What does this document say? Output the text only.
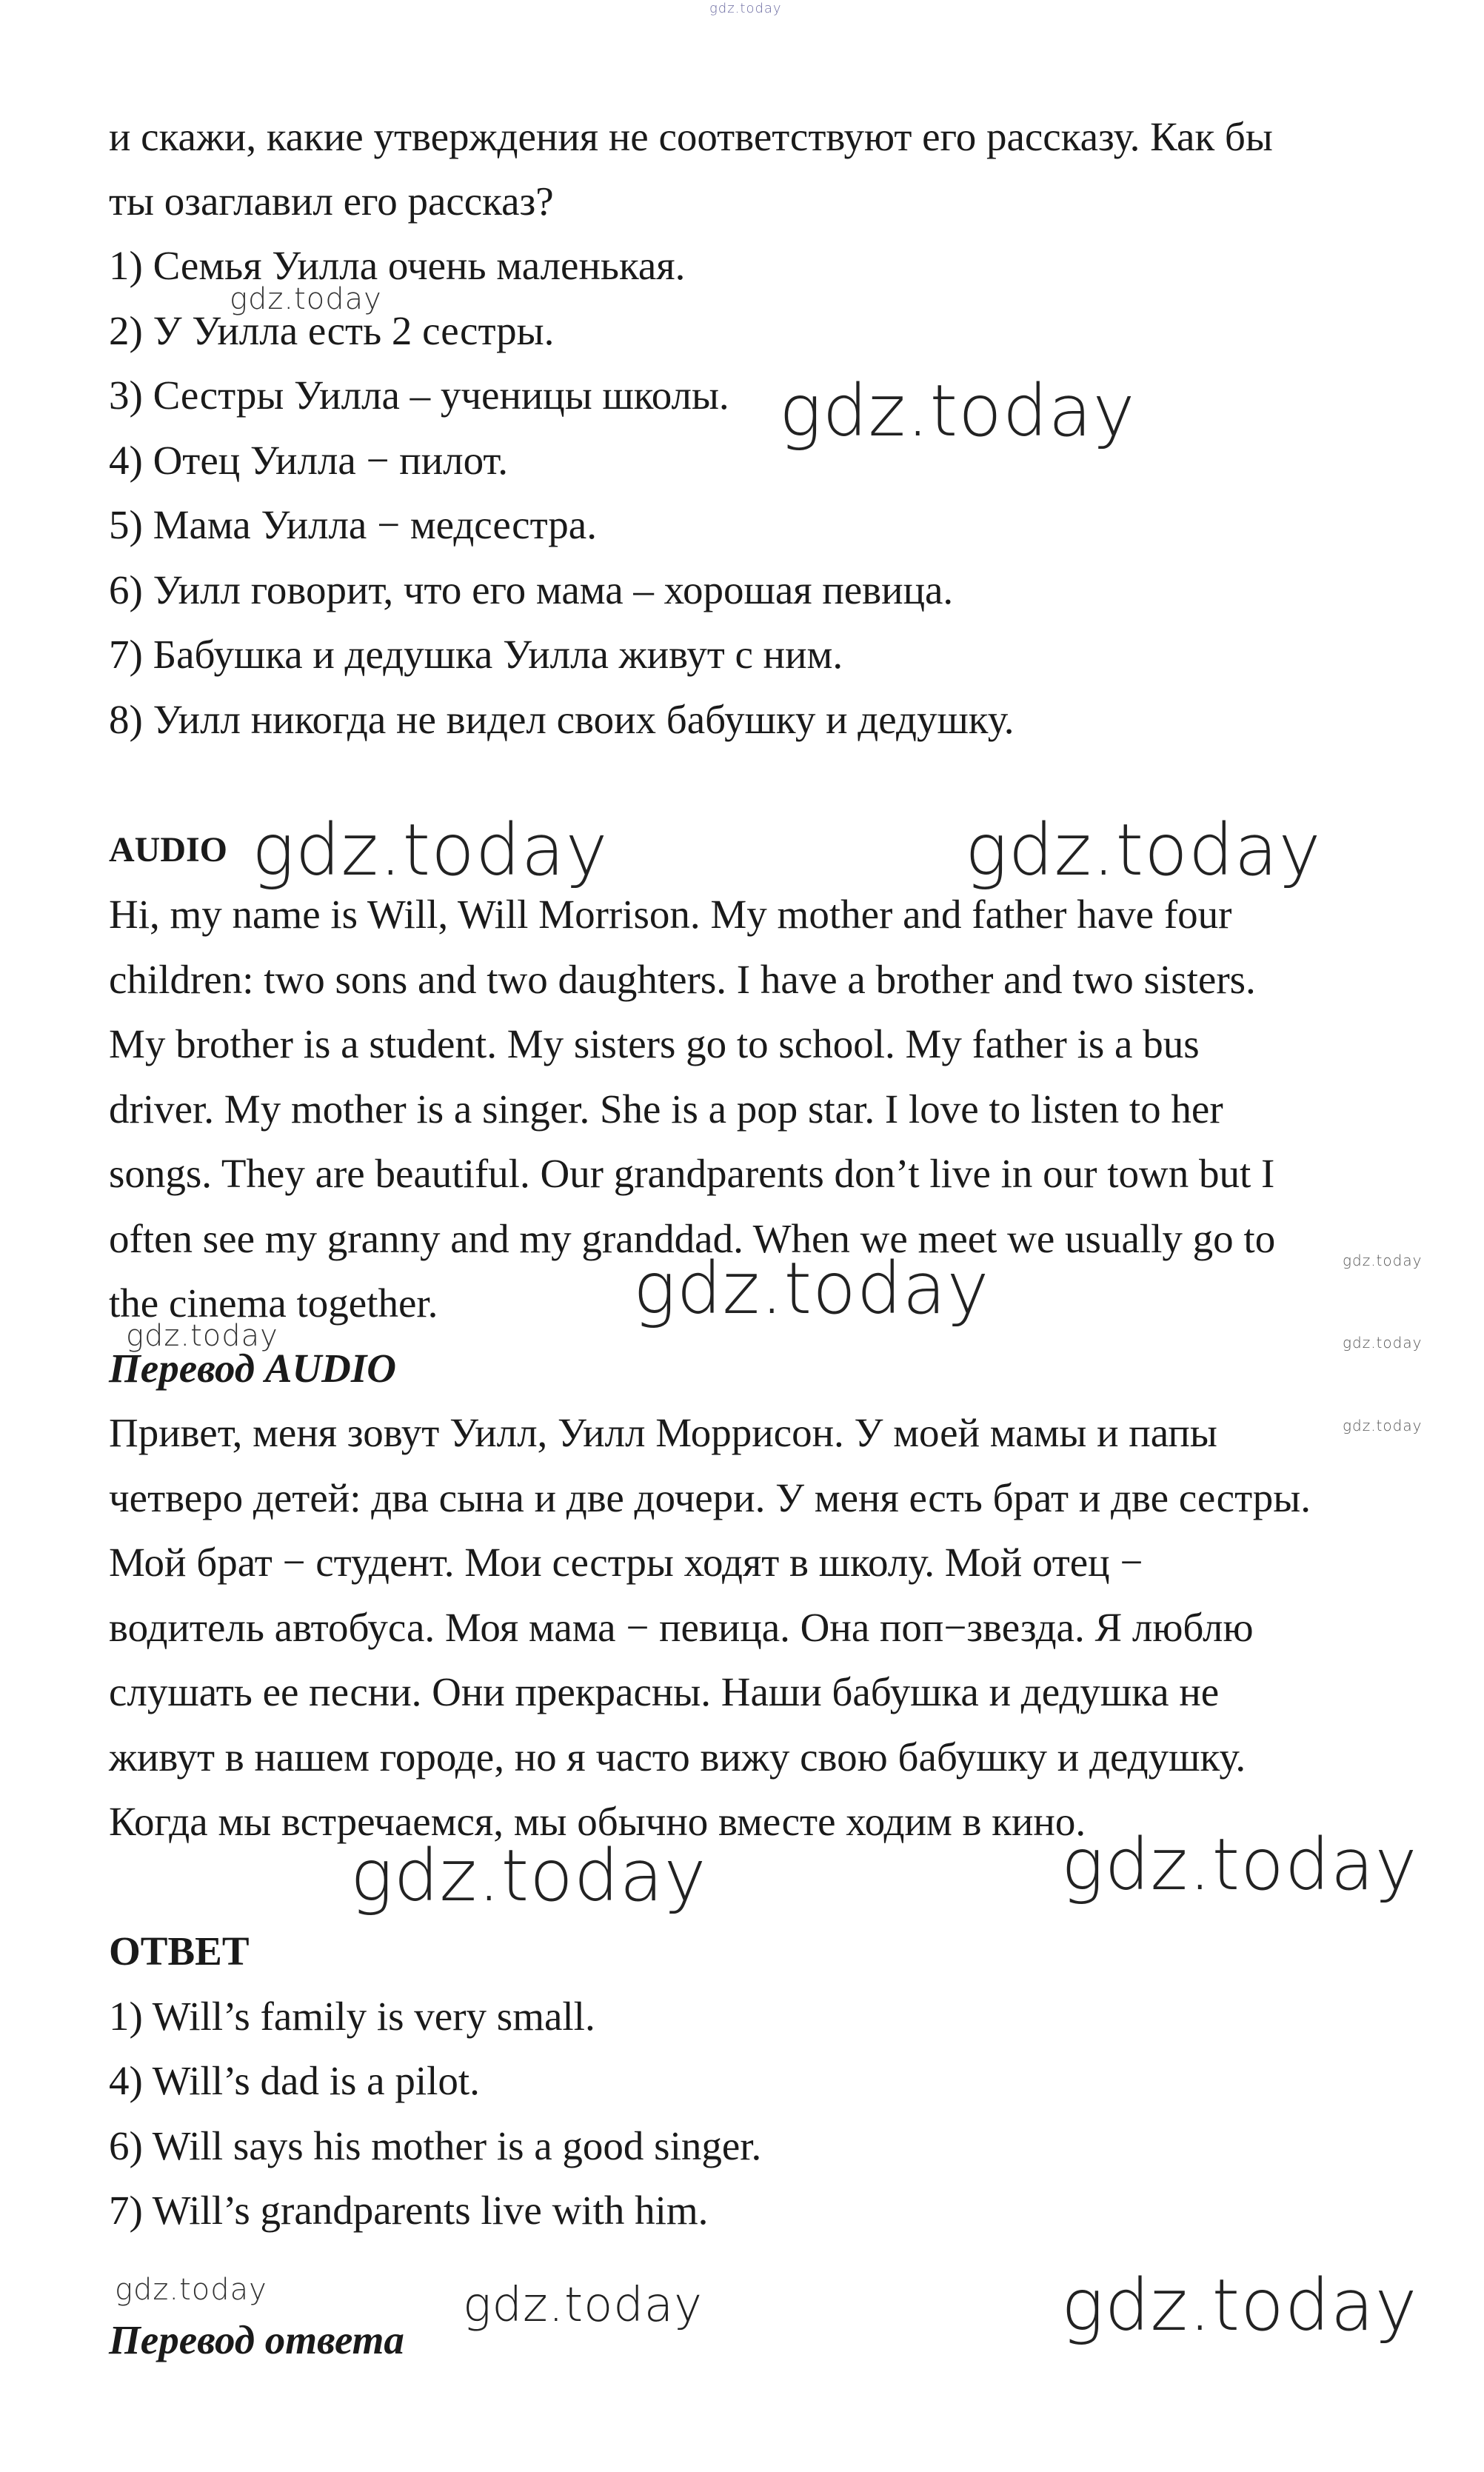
gdz.today
и скажи, какие утверждения не соответствуют его рассказу. Как бы
ты озаглавил его рассказ?
1) Семья Уилла очень маленькая.
2) У Уилла есть 2 сестры.
3) Сестры Уилла – ученицы школы.
4) Отец Уилла − пилот.
5) Мама Уилла − медсестра.
6) Уилл говорит, что его мама – хорошая певица.
7) Бабушка и дедушка Уилла живут с ним.
8) Уилл никогда не видел своих бабушку и дедушку.
AUDIO
Hi, my name is Will, Will Morrison. My mother and father have four
children: two sons and two daughters. I have a brother and two sisters.
My brother is a student. My sisters go to school. My father is a bus
driver. My mother is a singer. She is a pop star. I love to listen to her
songs. They are beautiful. Our grandparents don’t live in our town but I
often see my granny and my granddad. When we meet we usually go to
the cinema together.
Перевод AUDIO
Привет, меня зовут Уилл, Уилл Моррисон. У моей мамы и папы
четверо детей: два сына и две дочери. У меня есть брат и две сестры.
Мой брат − студент. Мои сестры ходят в школу. Мой отец −
водитель автобуса. Моя мама − певица. Она поп−звезда. Я люблю
слушать ее песни. Они прекрасны. Наши бабушка и дедушка не
живут в нашем городе, но я часто вижу свою бабушку и дедушку.
Когда мы встречаемся, мы обычно вместе ходим в кино.
ОТВЕТ
1) Will’s family is very small.
4) Will’s dad is a pilot.
6) Will says his mother is a good singer.
7) Will’s grandparents live with him.
Перевод ответа
gdz.today
gdz.today
gdz.today	gdz.today
gdz.today
gdz.today
gdz.today
gdz.today
gdz.today
gdz.today	gdz.today
gdz.today	gdz.today	gdz.today
